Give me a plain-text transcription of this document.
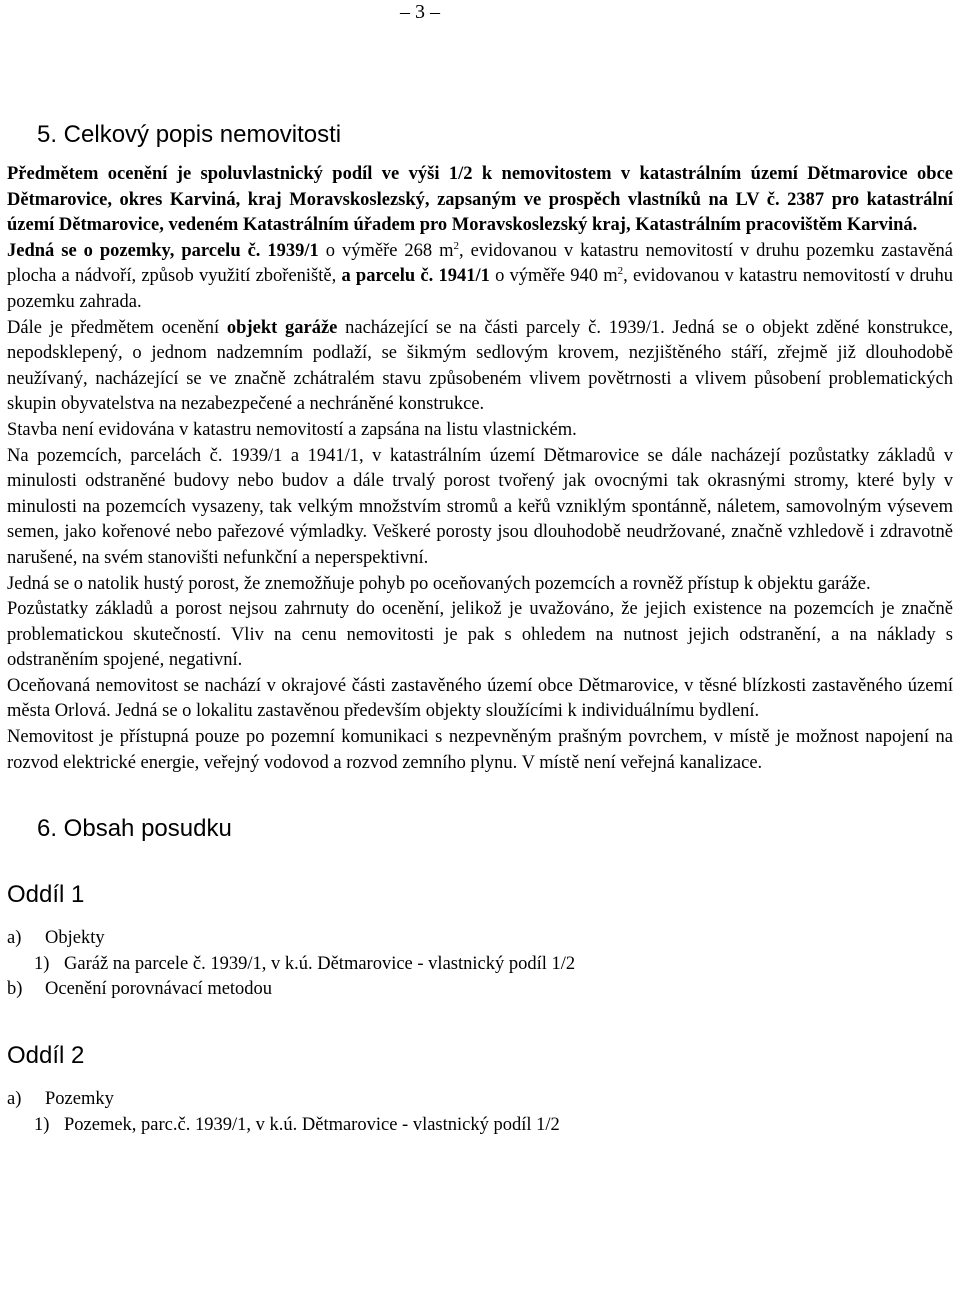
– 3 –
5. Celkový popis nemovitosti

Předmětem ocenění je spoluvlastnický podíl ve výši 1/2 k nemovitostem v katastrálním území Dětmarovice obce Dětmarovice, okres Karviná, kraj Moravskoslezský, zapsaným ve prospěch vlastníků na LV č. 2387 pro katastrální území Dětmarovice, vedeném Katastrálním úřadem pro Moravskoslezský kraj, Katastrálním pracovištěm Karviná.

Jedná se o pozemky, parcelu č. 1939/1 o výměře 268 $m^2$, evidovanou v katastru nemovitostí v druhu pozemku zastavěná plocha a nádvoří, způsob využití zbořeniště, a parcelu č. 1941/1 o výměře 940 $m^2$, evidovanou v katastru nemovitostí v druhu pozemku zahrada.

Dále je předmětem ocenění objekt garáže nacházející se na části parcely č. 1939/1. Jedná se o objekt zděné konstrukce, nepodsklepený, o jednom nadzemním podlaží, se šikmým sedlovým krovem, nezjištěného stáří, zřejmě již dlouhodobě neužívaný, nacházející se ve značně zchátralém stavu způsobeném vlivem povětrnosti a vlivem působení problematických skupin obyvatelstva na nezabezpečené a nechráněné konstrukce.

Stavba není evidována v katastru nemovitostí a zapsána na listu vlastnickém.

Na pozemcích, parcelách č. 1939/1 a 1941/1, v katastrálním území Dětmarovice se dále nacházejí pozůstatky základů v minulosti odstraněné budovy nebo budov a dále trvalý porost tvořený jak ovocnými tak okrasnými stromy, které byly v minulosti na pozemcích vysazeny, tak velkým množstvím stromů a keřů vzniklým spontánně, náletem, samovolným výsevem semen, jako kořenové nebo pařezové výmladky. Veškeré porosty jsou dlouhodobě neudržované, značně vzhledově i zdravotně narušené, na svém stanovišti nefunkční a neperspektivní.

Jedná se o natolik hustý porost, že znemožňuje pohyb po oceňovaných pozemcích a rovněž přístup k objektu garáže.

Pozůstatky základů a porost nejsou zahrnuty do ocenění, jelikož je uvažováno, že jejich existence na pozemcích je značně problematickou skutečností. Vliv na cenu nemovitosti je pak s ohledem na nutnost jejich odstranění, a na náklady s odstraněním spojené, negativní.

Oceňovaná nemovitost se nachází v okrajové části zastavěného území obce Dětmarovice, v těsné blízkosti zastavěného území města Orlová. Jedná se o lokalitu zastavěnou především objekty sloužícími k individuálnímu bydlení.

Nemovitost je přístupná pouze po pozemní komunikaci s nezpevněným prašným povrchem, v místě je možnost napojení na rozvod elektrické energie, veřejný vodovod a rozvod zemního plynu. V místě není veřejná kanalizace.

6. Obsah posudku
Oddíl 1
a) Objekty
1) Garáž na parcele č. 1939/1, v k.ú. Dětmarovice - vlastnický podíl 1/2
b) Ocenění porovnávací metodou
Oddíl 2
a) Pozemky
1) Pozemek, parc.č. 1939/1, v k.ú. Dětmarovice - vlastnický podíl 1/2
